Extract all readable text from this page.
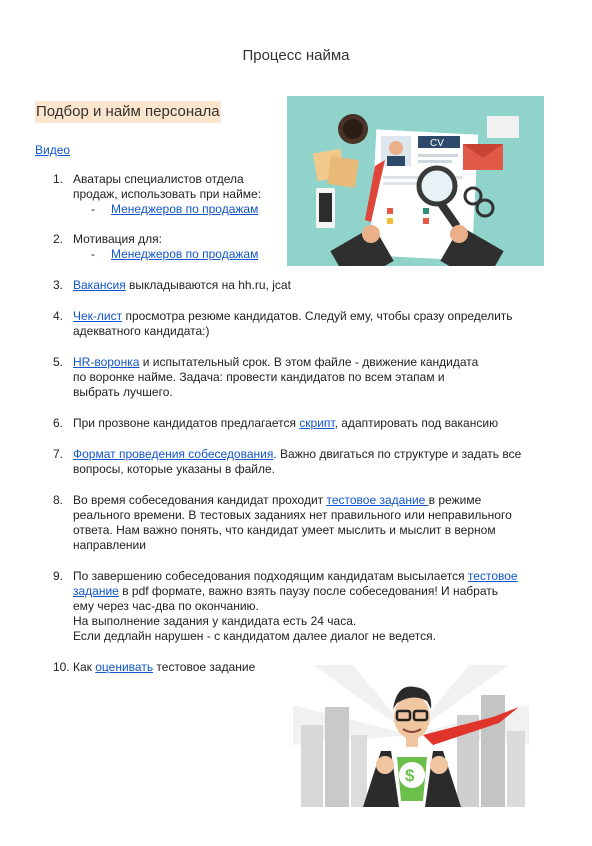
Процесс найма
Подбор и найм персонала
Видео	CV
1. Аватары специалистов отдела продаж, использовать при найме:
- Менеджеров по продажам
2. Мотивация для:
- Менеджеров по продажам
3. Вакансия выкладываются на hh.ru, jcat
4. Чек-лист просмотра резюме кандидатов. Следуй ему, чтобы сразу определить адекватного кандидата:)
5. HR-воронка и испытательный срок. В этом файле - движение кандидата по воронке найме. Задача: провести кандидатов по всем этапам и выбрать лучшего.
6. При прозвоне кандидатов предлагается скрипт, адаптировать под вакансию
7. Формат проведения собеседования. Важно двигаться по структуре и задать все вопросы, которые указаны в файле.
8. Во время собеседования кандидат проходит тестовое задание в режиме реального времени. В тестовых заданиях нет правильного или неправильного ответа. Нам важно понять, что кандидат умеет мыслить и мыслит в верном направлении
9. По завершению собеседования подходящим кандидатам высылается тестовое задание в pdf формате, важно взять паузу после собеседования! И набрать ему через час-два по окончанию.
На выполнение задания у кандидата есть 24 часа.
Если дедлайн нарушен - с кандидатом далее диалог не ведется.
10. Как оценивать тестовое задание
$
